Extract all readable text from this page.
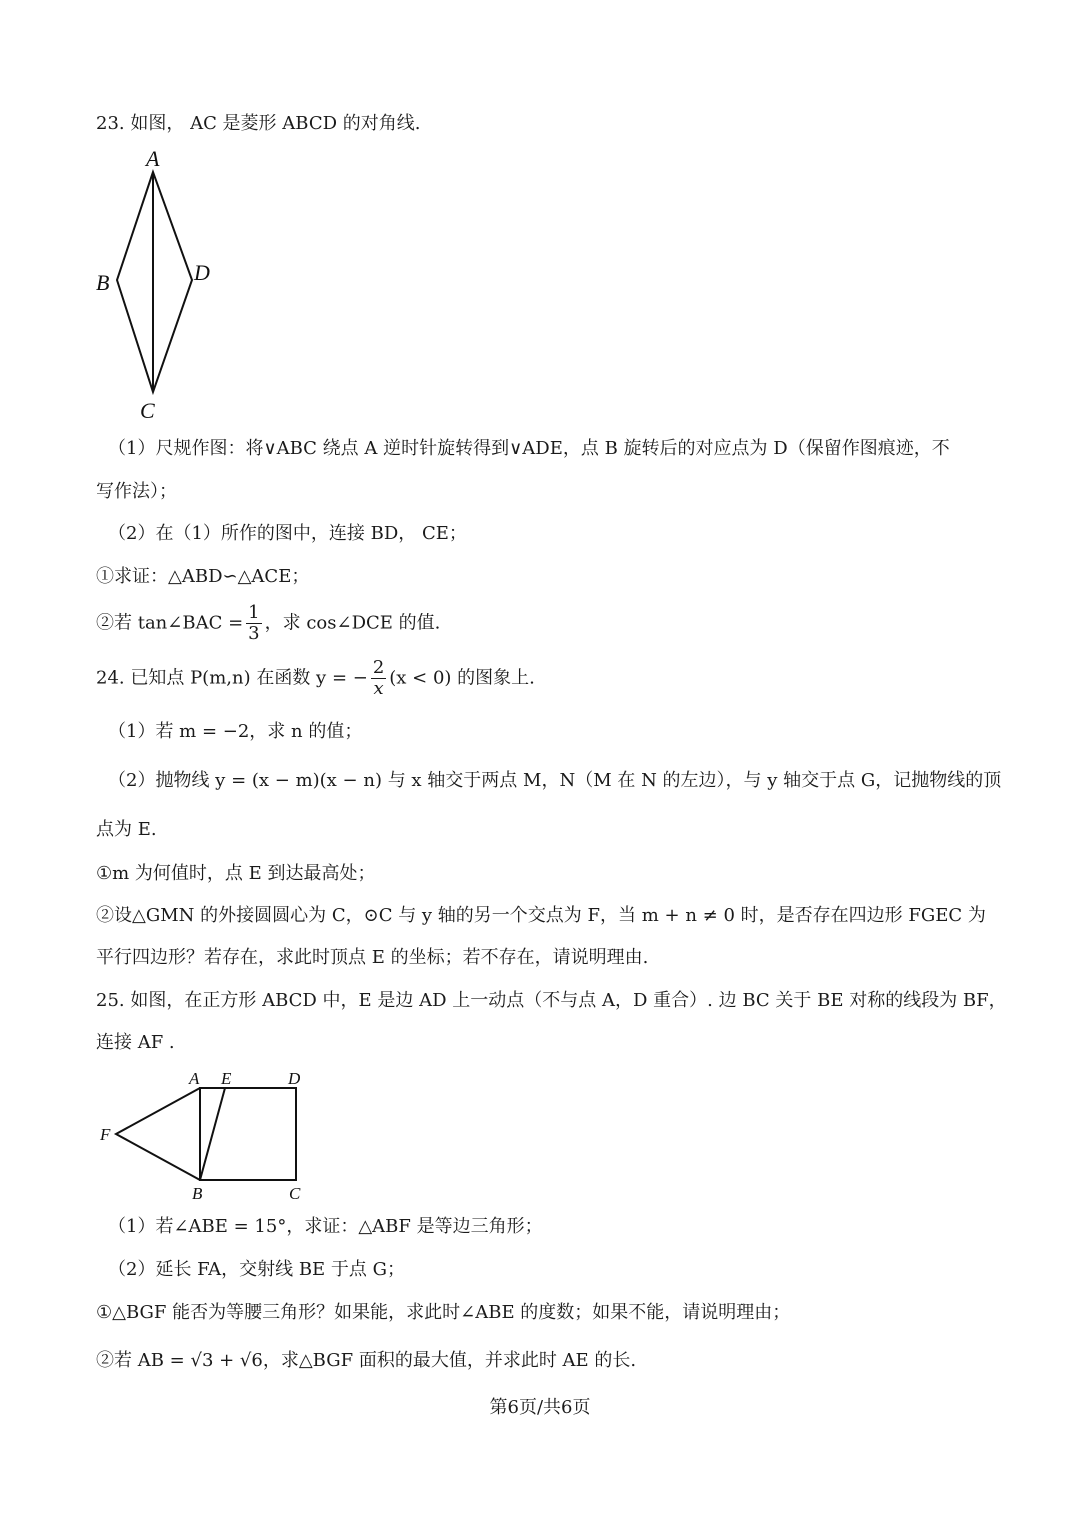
23. 如图， AC 是菱形 ABCD 的对角线.
A
B
C
D
（1）尺规作图：将∨ABC 绕点 A 逆时针旋转得到∨ADE，点 B 旋转后的对应点为 D（保留作图痕迹，不
写作法）；
（2）在（1）所作的图中，连接 BD， CE；
①求证：△ABD∽△ACE；
②若 tan∠BAC = $\frac{1}{3}$ ，求 cos∠DCE 的值.
24. 已知点 P(m,n) 在函数 y = − $\frac{2}{x} (x < 0)$ 的图象上.
（1）若 m = −2，求 n 的值；
（2）抛物线 y = (x − m)(x − n) 与 x 轴交于两点 M，N（M 在 N 的左边），与 y 轴交于点 G，记抛物线的顶
点为 E.
①m 为何值时，点 E 到达最高处；
②设△GMN 的外接圆圆心为 C，⊙C 与 y 轴的另一个交点为 F，当 m + n ≠ 0 时，是否存在四边形 FGEC 为
平行四边形？若存在，求此时顶点 E 的坐标；若不存在，请说明理由.
25. 如图，在正方形 ABCD 中，E 是边 AD 上一动点（不与点 A，D 重合）. 边 BC 关于 BE 对称的线段为 BF，
连接 AF .
A E	D
F
B	C
（1）若∠ABE = 15°，求证：△ABF 是等边三角形；
（2）延长 FA，交射线 BE 于点 G；
①△BGF 能否为等腰三角形？如果能，求此时∠ABE 的度数；如果不能，请说明理由；
②若 AB = √3 + √6，求△BGF 面积的最大值，并求此时 AE 的长.
第6页/共6页
